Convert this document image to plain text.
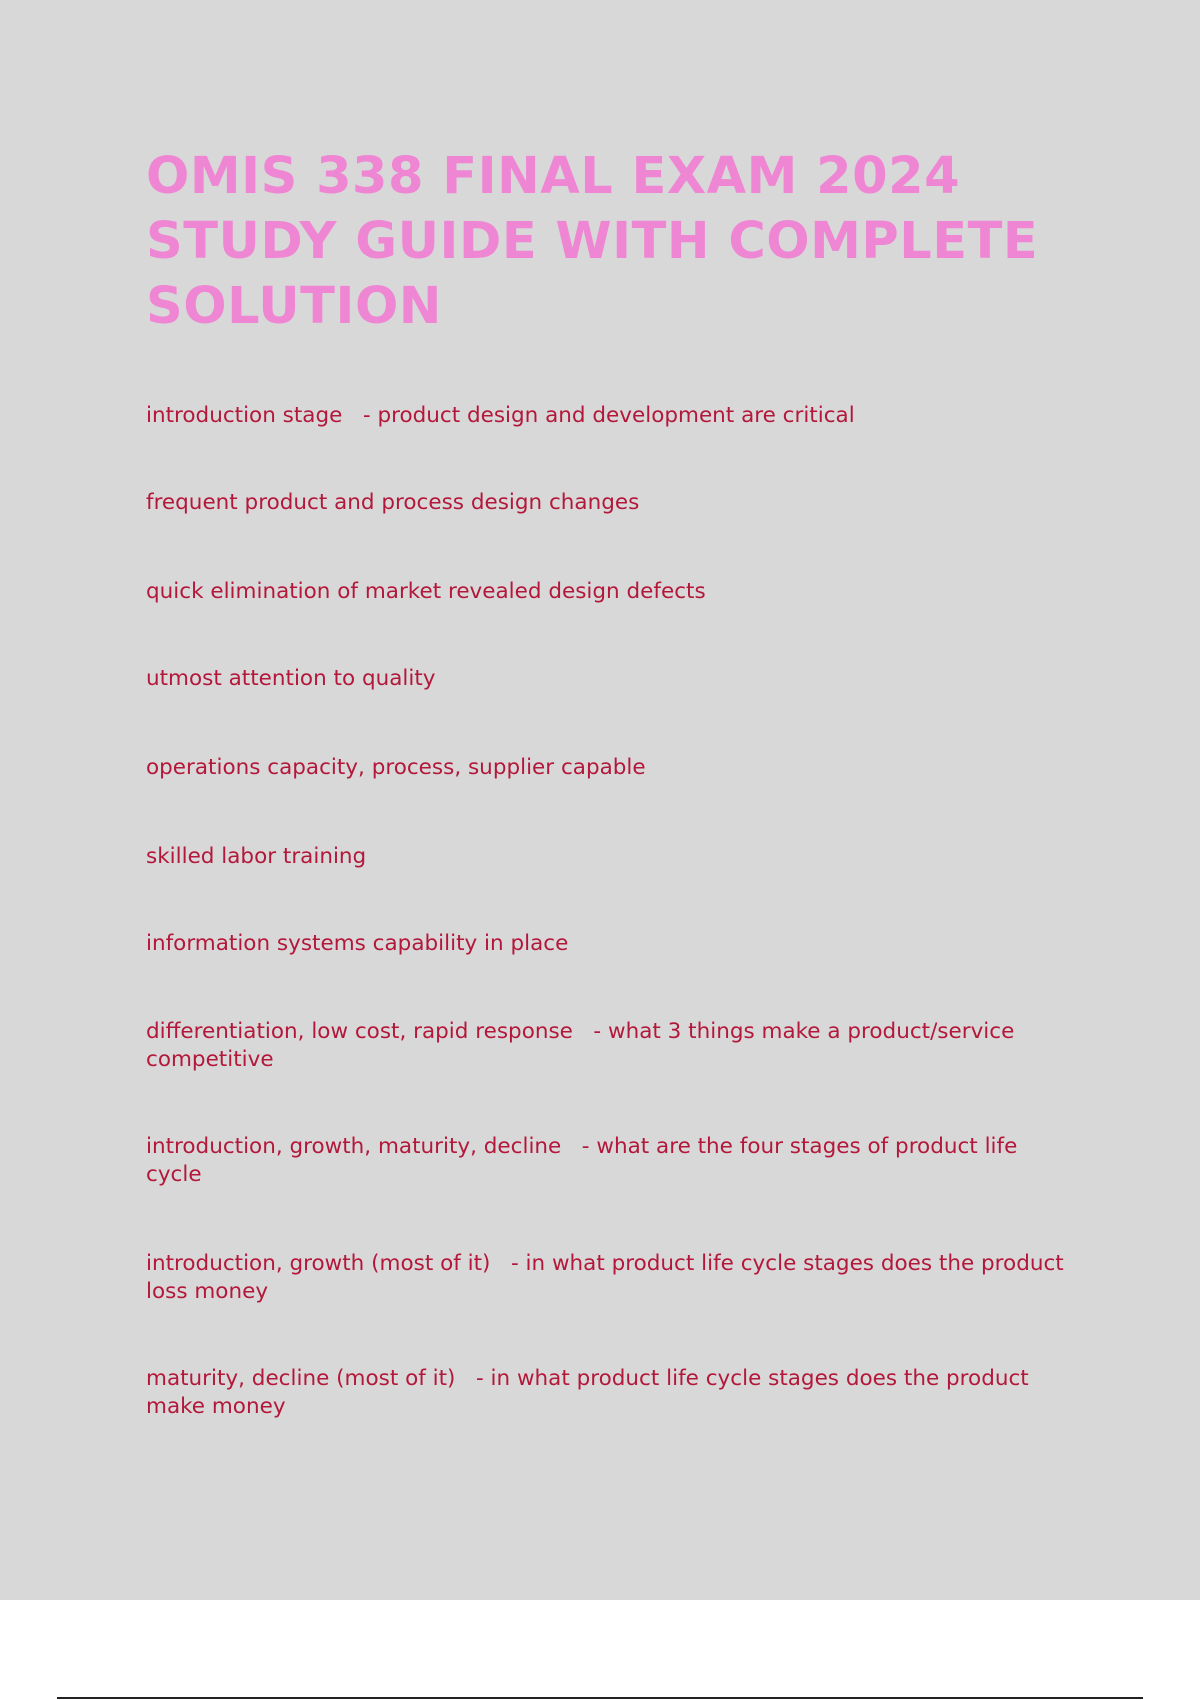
OMIS 338 FINAL EXAM 2024 STUDY GUIDE WITH COMPLETE SOLUTION

introduction stage   - product design and development are critical

frequent product and process design changes

quick elimination of market revealed design defects

utmost attention to quality

operations capacity, process, supplier capable

skilled labor training

information systems capability in place

differentiation, low cost, rapid response   - what 3 things make a product/service competitive

introduction, growth, maturity, decline   - what are the four stages of product life cycle

introduction, growth (most of it)   - in what product life cycle stages does the product loss money

maturity, decline (most of it)   - in what product life cycle stages does the product make money
